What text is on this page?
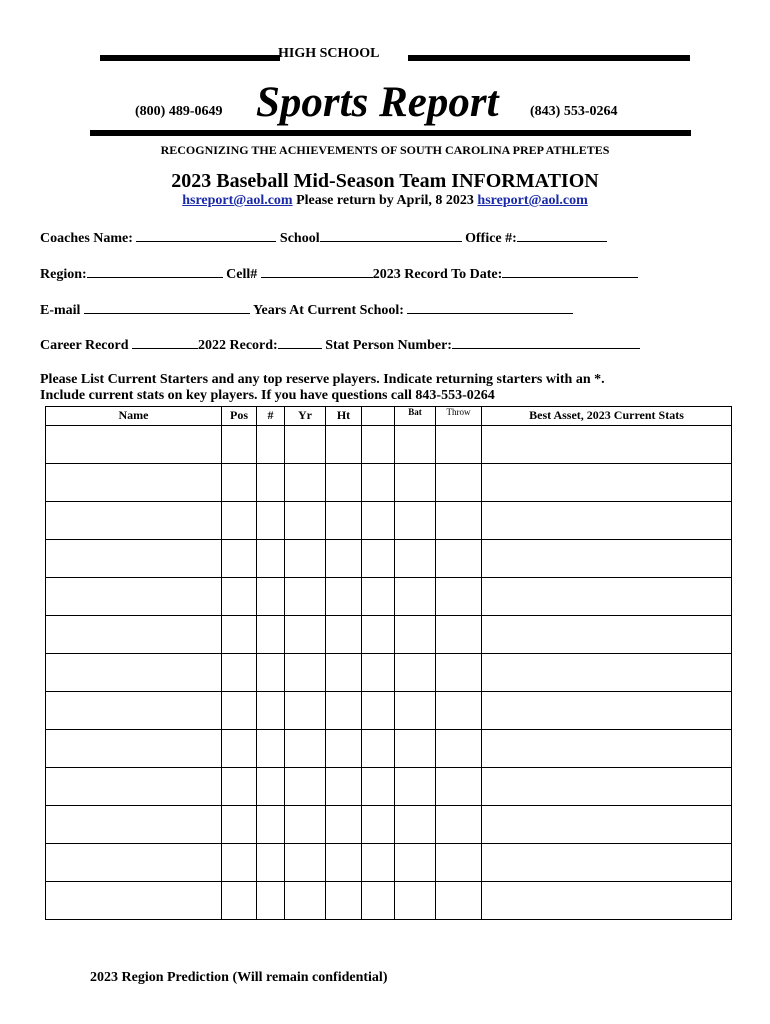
HIGH SCHOOL
(800) 489-0649 Sports Report (843) 553-0264
RECOGNIZING THE ACHIEVEMENTS OF SOUTH CAROLINA PREP ATHLETES
2023 Baseball Mid-Season Team INFORMATION
hsreport@aol.com Please return by April, 8 2023 hsreport@aol.com
Coaches Name:	School	Office #:
Region:	Cell#	2023 Record To Date:
E-mail	Years At Current School:
Career Record	2022 Record:	Stat Person Number:
Please List Current Starters and any top reserve players. Indicate returning starters with an *.
Include current stats on key players. If you have questions call 843-553-0264
Name	Pos	#	Yr	Ht		Bat	Throw	Best Asset, 2023 Current Stats

2023 Region Prediction (Will remain confidential)
